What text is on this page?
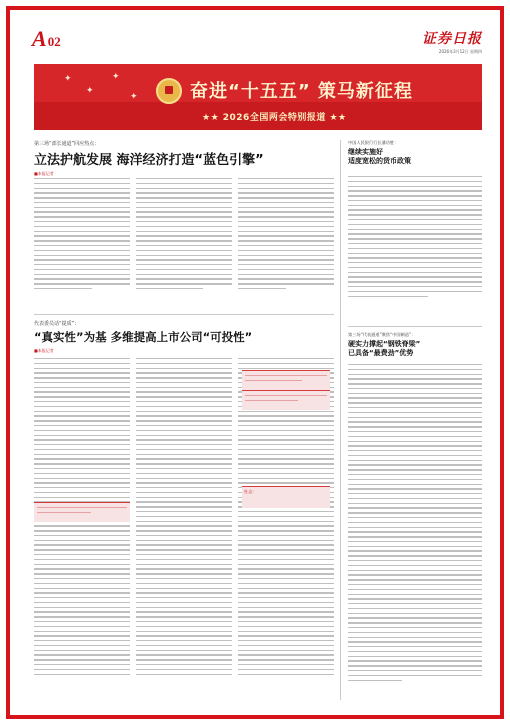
A 02	证券日报
2026年3月12日 星期四
✦
✦
✦
✦	奋进“十五五” 策马新征程
★★ 2026全国两会特别报道 ★★
第三场“部长通道”回应热点：
立法护航发展 海洋经济打造“蓝色引擎”
■本报记者
中国人民银行行长潘功胜：
继续实施好
适度宽松的货币政策
第三场“代表通道”聚焦“中国制造”：
硬实力撑起“钢铁脊梁”
已具备“最费劲”优势
代表委员话“提质”：
“真实性”为基 多维提高上市公司“可投性”
■本报记者
杜志：
